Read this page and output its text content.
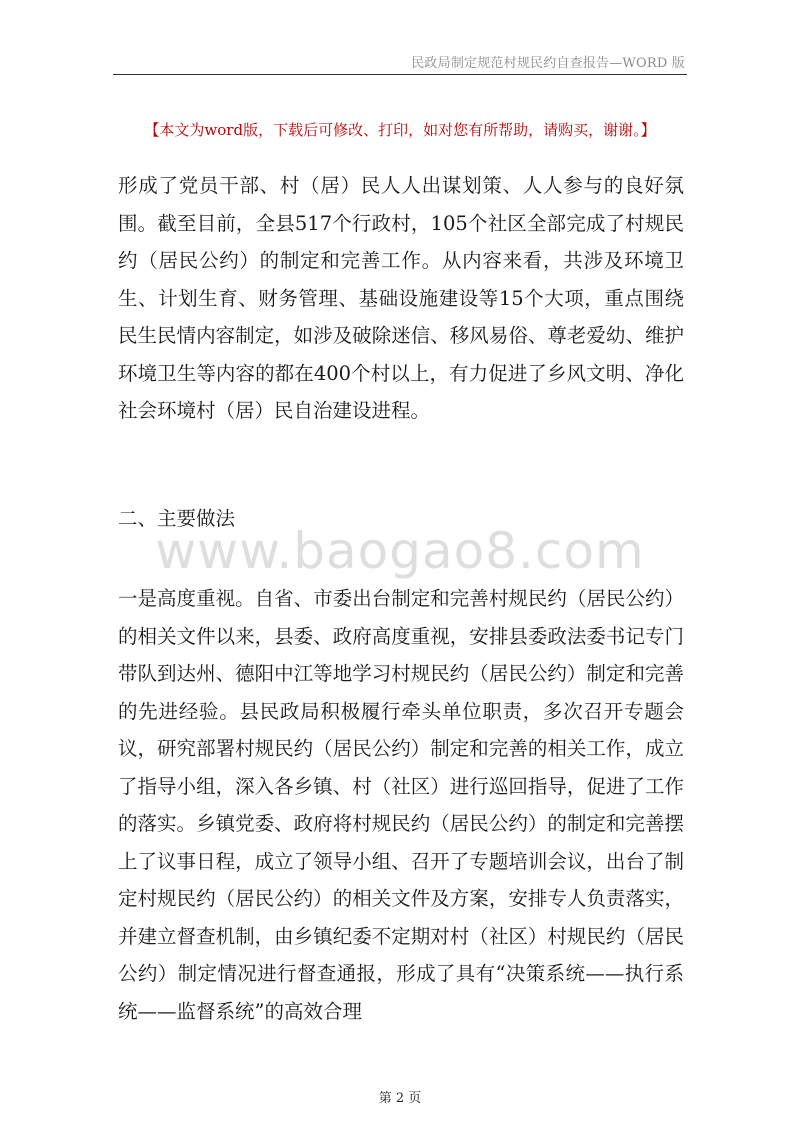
民政局制定规范村规民约自查报告—WORD 版
【本文为word版，下载后可修改、打印，如对您有所帮助，请购买，谢谢。】
形成了党员干部、村（居）民人人出谋划策、人人参与的良好氛围。截至目前，全县517个行政村，105个社区全部完成了村规民约（居民公约）的制定和完善工作。从内容来看，共涉及环境卫生、计划生育、财务管理、基础设施建设等15个大项，重点围绕民生民情内容制定，如涉及破除迷信、移风易俗、尊老爱幼、维护环境卫生等内容的都在400个村以上，有力促进了乡风文明、净化社会环境村（居）民自治建设进程。
二、主要做法
www.baogao8.com
一是高度重视。自省、市委出台制定和完善村规民约（居民公约）的相关文件以来，县委、政府高度重视，安排县委政法委书记专门带队到达州、德阳中江等地学习村规民约（居民公约）制定和完善的先进经验。县民政局积极履行牵头单位职责，多次召开专题会议，研究部署村规民约（居民公约）制定和完善的相关工作，成立了指导小组，深入各乡镇、村（社区）进行巡回指导，促进了工作的落实。乡镇党委、政府将村规民约（居民公约）的制定和完善摆上了议事日程，成立了领导小组、召开了专题培训会议，出台了制定村规民约（居民公约）的相关文件及方案，安排专人负责落实，并建立督查机制，由乡镇纪委不定期对村（社区）村规民约（居民公约）制定情况进行督查通报，形成了具有“决策系统——执行系统——监督系统”的高效合理
第 2 页
